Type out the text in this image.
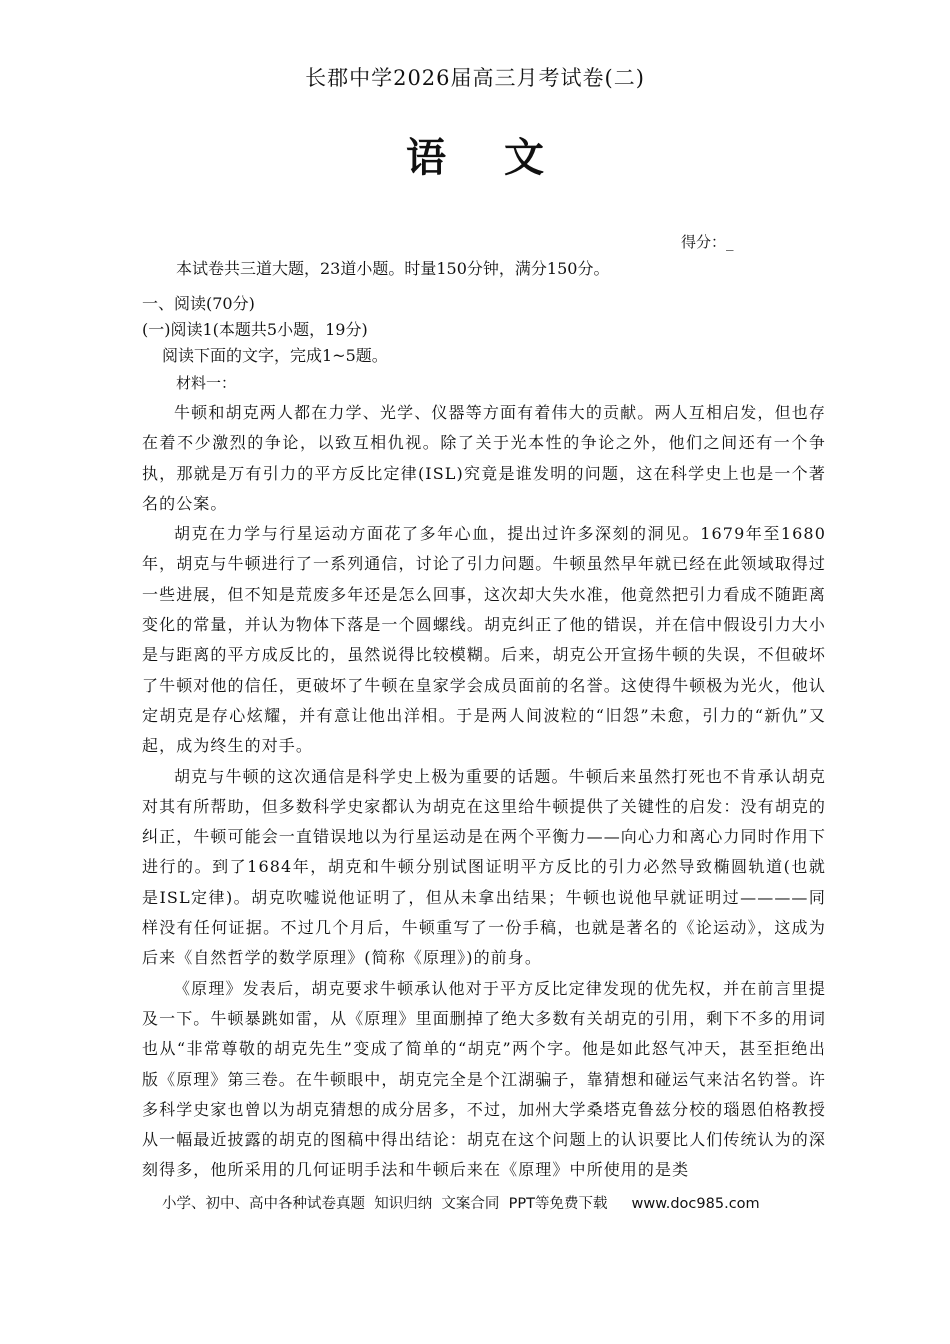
长郡中学2026届高三月考试卷(二)
语 文
得分：_
本试卷共三道大题，23道小题。时量150分钟，满分150分。
一、阅读(70分)
(一)阅读1(本题共5小题，19分)
阅读下面的文字，完成1~5题。
材料一：

牛顿和胡克两人都在力学、光学、仪器等方面有着伟大的贡献。两人互相启发，但也存在着不少激烈的争论，以致互相仇视。除了关于光本性的争论之外，他们之间还有一个争执，那就是万有引力的平方反比定律(ISL)究竟是谁发明的问题，这在科学史上也是一个著名的公案。

胡克在力学与行星运动方面花了多年心血，提出过许多深刻的洞见。1679年至1680年，胡克与牛顿进行了一系列通信，讨论了引力问题。牛顿虽然早年就已经在此领域取得过一些进展，但不知是荒废多年还是怎么回事，这次却大失水准，他竟然把引力看成不随距离变化的常量，并认为物体下落是一个圆螺线。胡克纠正了他的错误，并在信中假设引力大小是与距离的平方成反比的，虽然说得比较模糊。后来，胡克公开宣扬牛顿的失误，不但破坏了牛顿对他的信任，更破坏了牛顿在皇家学会成员面前的名誉。这使得牛顿极为光火，他认定胡克是存心炫耀，并有意让他出洋相。于是两人间波粒的“旧怨”未愈，引力的“新仇”又起，成为终生的对手。

胡克与牛顿的这次通信是科学史上极为重要的话题。牛顿后来虽然打死也不肯承认胡克对其有所帮助，但多数科学史家都认为胡克在这里给牛顿提供了关键性的启发：没有胡克的纠正，牛顿可能会一直错误地以为行星运动是在两个平衡力——向心力和离心力同时作用下进行的。到了1684年，胡克和牛顿分别试图证明平方反比的引力必然导致椭圆轨道(也就是ISL定律)。胡克吹嘘说他证明了，但从未拿出结果；牛顿也说他早就证明过————同样没有任何证据。不过几个月后，牛顿重写了一份手稿，也就是著名的《论运动》，这成为后来《自然哲学的数学原理》(简称《原理》)的前身。

《原理》发表后，胡克要求牛顿承认他对于平方反比定律发现的优先权，并在前言里提及一下。牛顿暴跳如雷，从《原理》里面删掉了绝大多数有关胡克的引用，剩下不多的用词也从“非常尊敬的胡克先生”变成了简单的“胡克”两个字。他是如此怒气冲天，甚至拒绝出版《原理》第三卷。在牛顿眼中，胡克完全是个江湖骗子，靠猜想和碰运气来沽名钓誉。许多科学史家也曾以为胡克猜想的成分居多，不过，加州大学桑塔克鲁兹分校的瑙恩伯格教授从一幅最近披露的胡克的图稿中得出结论：胡克在这个问题上的认识要比人们传统认为的深刻得多，他所采用的几何证明手法和牛顿后来在《原理》中所使用的是类

小学、初中、高中各种试卷真题  知识归纳  文案合同  PPT等免费下载 www.doc985.com
